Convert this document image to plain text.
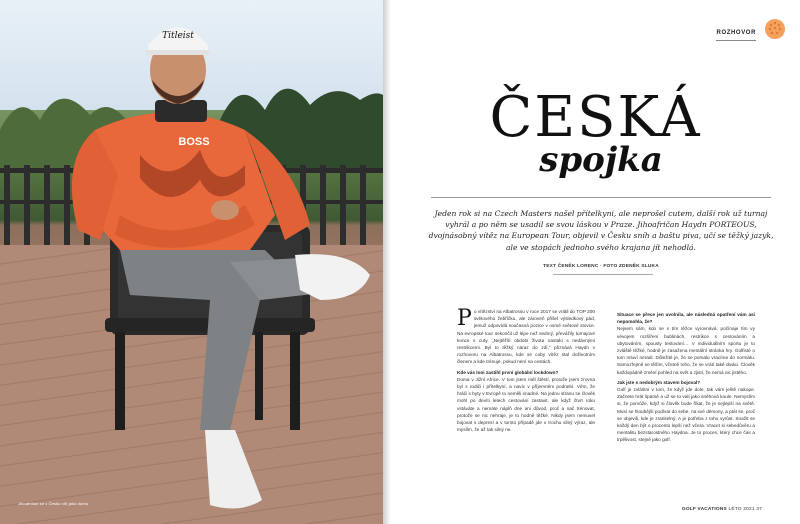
BOSS
Titleist
Jihoafričan se v Česku cítí jako doma
ROZHOVOR
ČESKÁ
spojka

Jeden rok si na Czech Masters našel přítelkyni, ale neprošel cutem, další rok už turnaj vyhrál a po něm se usadil se svou láskou v Praze. Jihoafričan Haydn PORTEOUS, dvojnásobný vítěz na European Tour, objevil v Česku sníh a baštu piva, učí se těžký jazyk, ale ve stopách jednoho svého krajana jít nehodlá.

TEXT ČENĚK LORENC · FOTO ZDENĚK SLUKA

Po vítězství na Albatrossu v roce 2017 se vrátil do TOP 200 světového žebříčku, ale zároveň přišel výsledkový pád, jemuž odpovídá současná pozice v osmé světové stovce. Na evropské tour nekončil už lépe než sedmý, převážily turnajové konce s cuty. „Nejtěžší období života nastalo s nedávnými restrikcemi. Byl to těžký náraz do zdí,“ přiznává Haydn v rozhovoru na Albatrossu, kde se coby vítěz stal doživotním členem a kde trénuje, pokud není na cestách.

Kde vás loni zastihl první globální lockdown?

Doma v Jižní Africe. V tom jsem měl štěstí, protože jsem zrovna byl s rodiči i přítelkyní, a navíc v příjemném podnebí. Věm, že hráči s byty v Evropě to neměli snadné. Na jednu stranu se člověk mohl po devíti letech cestování zastavit, ale když čtvrt roku vstáváte a nemáte náplň dne ani důvod, proč a nač trénovat, protože se nic nehraje, je to hodně těžké. Nikdy jsem nemusel bojovat s depresí a v tomto případě jde o trochu silný výraz, ale myslím, že až tak silný ne.

Situace se přece jen uvolnila, ale následná opatření vám asi nepomohla, že?

Nejsem sám, kdo se s tím těžce vyrovnává, počínaje tím vy vévojem rozšíření bublinách, restrikce s cestováním a ubytováním, spousty testování… V individuálním sportu je to zvláště těžké, hodně je zasažena mentální stránka hry. Golfisté o tom mluví neradi. Důležité je, že se pomalu vracíme do normálu. Samozřejmě se těším, včetně toho, že se vrátí také diváci. Člověk každopádně změní pohled na svět a zjistí, že nemá nic jistého.

Jak jste s nedobrým stavem bojoval?

Golf je zvláštní v tom, že když jde dole, tak vám ještě nakope. Začnete hrát špatně a už se to valí jako sněhová koule. Nemyslím si, že pomůže, když si člověk bude říkat, že je nejlepší na světě. Musí se hloubější podívat do sebe, na své démony, a ptát se, proč se objevili, kde je zranitelný. A je potřeba z toho vyrůst. Snažit se každý den být o procento lepší než včera. Vracet si sebedůvěru a mentalitu bezstarostného Haydna. Je to proces, který chce čas a trpělivost, stejně jako golf.

GOLF VACATIONS LÉTO 2021 37
